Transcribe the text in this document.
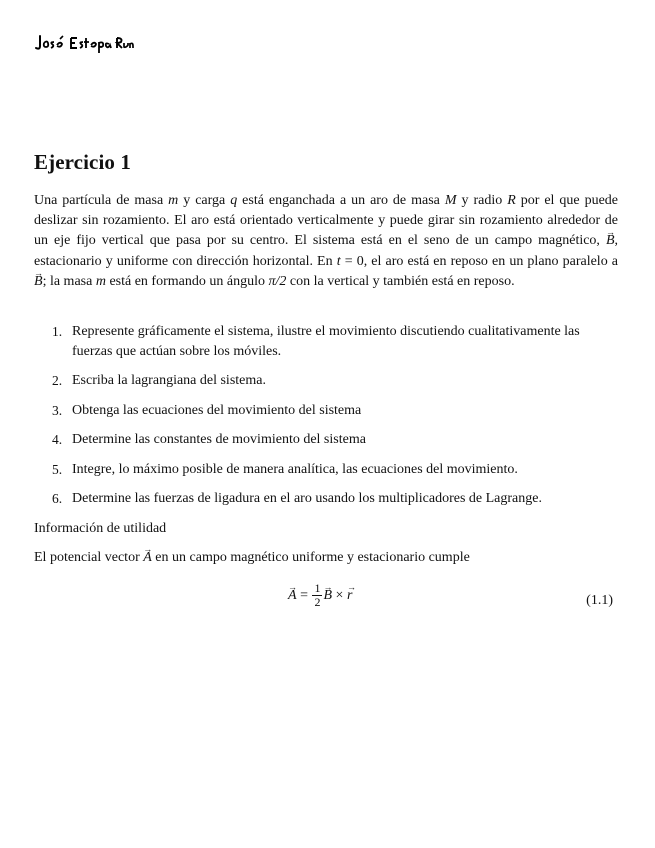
Ejercicio 1

Una partícula de masa m y carga q está enganchada a un aro de masa M y radio R por el que puede deslizar sin rozamiento. El aro está orientado verticalmente y puede girar sin rozamiento alrededor de un eje fijo vertical que pasa por su centro. El sistema está en el seno de un campo magnético, → B, estacionario y uniforme con dirección horizontal. En t = 0, el aro está en reposo en un plano paralelo a → B; la masa m está en formando un ángulo π/2 con la vertical y también está en reposo.

1. Represente gráficamente el sistema, ilustre el movimiento discutiendo cualitativamente las fuerzas que actúan sobre los móviles.
2. Escriba la lagrangiana del sistema.
3. Obtenga las ecuaciones del movimiento del sistema
4. Determine las constantes de movimiento del sistema
5. Integre, lo máximo posible de manera analítica, las ecuaciones del movimiento.
6. Determine las fuerzas de ligadura en el aro usando los multiplicadores de Lagrange.

Información de utilidad

El potencial vector → A en un campo magnético uniforme y estacionario cumple

→ $A = \frac{1}{2}$
→ B × → r	(1.1)
